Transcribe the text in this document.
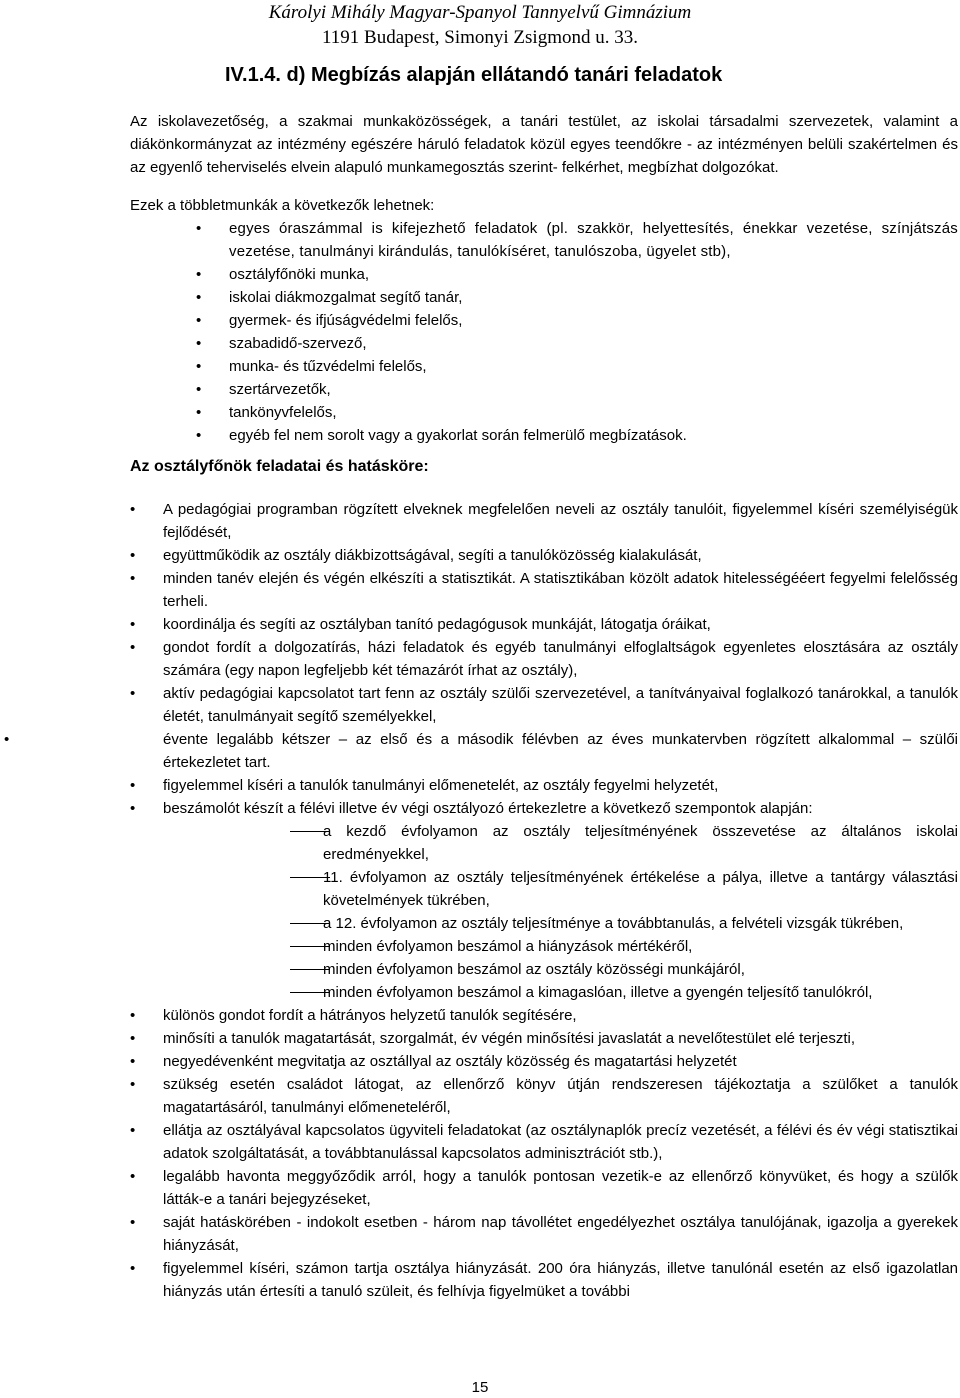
Károlyi Mihály Magyar-Spanyol Tannyelvű Gimnázium
1191 Budapest, Simonyi Zsigmond u. 33.
IV.1.4. d) Megbízás alapján ellátandó tanári feladatok

Az iskolavezetőség, a szakmai munkaközösségek, a tanári testület, az iskolai társadalmi szervezetek, valamint a diákönkormányzat az intézmény egészére háruló feladatok közül egyes teendőkre - az intézményen belüli szakértelmen és az egyenlő teherviselés elvein alapuló munkamegosztás szerint- felkérhet, megbízhat dolgozókat.

Ezek a többletmunkák a következők lehetnek:

• egyes óraszámmal is kifejezhető feladatok (pl. szakkör, helyettesítés, énekkar vezetése, színjátszás vezetése, tanulmányi kirándulás, tanulókíséret, tanulószoba, ügyelet stb),
• osztályfőnöki munka,
• iskolai diákmozgalmat segítő tanár,
• gyermek- és ifjúságvédelmi felelős,
• szabadidő-szervező,
• munka- és tűzvédelmi felelős,
• szertárvezetők,
• tankönyvfelelős,
• egyéb fel nem sorolt vagy a gyakorlat során felmerülő megbízatások.
Az osztályfőnök feladatai és hatásköre:
• A pedagógiai programban rögzített elveknek megfelelően neveli az osztály tanulóit, figyelemmel kíséri személyiségük fejlődését,
• együttműködik az osztály diákbizottságával, segíti a tanulóközösség kialakulását,
• minden tanév elején és végén elkészíti a statisztikát. A statisztikában közölt adatok hitelességééert fegyelmi felelősség terheli.
• koordinálja és segíti az osztályban tanító pedagógusok munkáját, látogatja óráikat,
• gondot fordít a dolgozatírás, házi feladatok és egyéb tanulmányi elfoglaltságok egyenletes elosztására az osztály számára (egy napon legfeljebb két témazárót írhat az osztály),
• aktív pedagógiai kapcsolatot tart fenn az osztály szülői szervezetével, a tanítványaival foglalkozó tanárokkal, a tanulók életét, tanulmányait segítő személyekkel,
• évente legalább kétszer – az első és a második félévben az éves munkatervben rögzített alkalommal – szülői értekezletet tart.
• figyelemmel kíséri a tanulók tanulmányi előmenetelét, az osztály fegyelmi helyzetét,
• beszámolót készít a félévi illetve év végi osztályozó értekezletre a következő szempontok alapján:
a kezdő évfolyamon az osztály teljesítményének összevetése az általános iskolai eredményekkel,
11. évfolyamon az osztály teljesítményének értékelése a pálya, illetve a tantárgy választási követelmények tükrében,
a 12. évfolyamon az osztály teljesítménye a továbbtanulás, a felvételi vizsgák tükrében,
minden évfolyamon beszámol a hiányzások mértékéről,
minden évfolyamon beszámol az osztály közösségi munkájáról,
minden évfolyamon beszámol a kimagaslóan, illetve a gyengén teljesítő tanulókról,
• különös gondot fordít a hátrányos helyzetű tanulók segítésére,
• minősíti a tanulók magatartását, szorgalmát, év végén minősítési javaslatát a nevelőtestület elé terjeszti,
• negyedévenként megvitatja az osztállyal az osztály közösség és magatartási helyzetét
• szükség esetén családot látogat, az ellenőrző könyv útján rendszeresen tájékoztatja a szülőket a tanulók magatartásáról, tanulmányi előmeneteléről,
• ellátja az osztályával kapcsolatos ügyviteli feladatokat (az osztálynaplók precíz vezetését, a félévi és év végi statisztikai adatok szolgáltatását, a továbbtanulással kapcsolatos adminisztrációt stb.),
• legalább havonta meggyőződik arról, hogy a tanulók pontosan vezetik-e az ellenőrző könyvüket, és hogy a szülők látták-e a tanári bejegyzéseket,
• saját hatáskörében - indokolt esetben - három nap távollétet engedélyezhet osztálya tanulójának, igazolja a gyerekek hiányzását,
• figyelemmel kíséri, számon tartja osztálya hiányzását. 200 óra hiányzás, illetve tanulónál esetén az első igazolatlan hiányzás után értesíti a tanuló szüleit, és felhívja figyelmüket a további
15
